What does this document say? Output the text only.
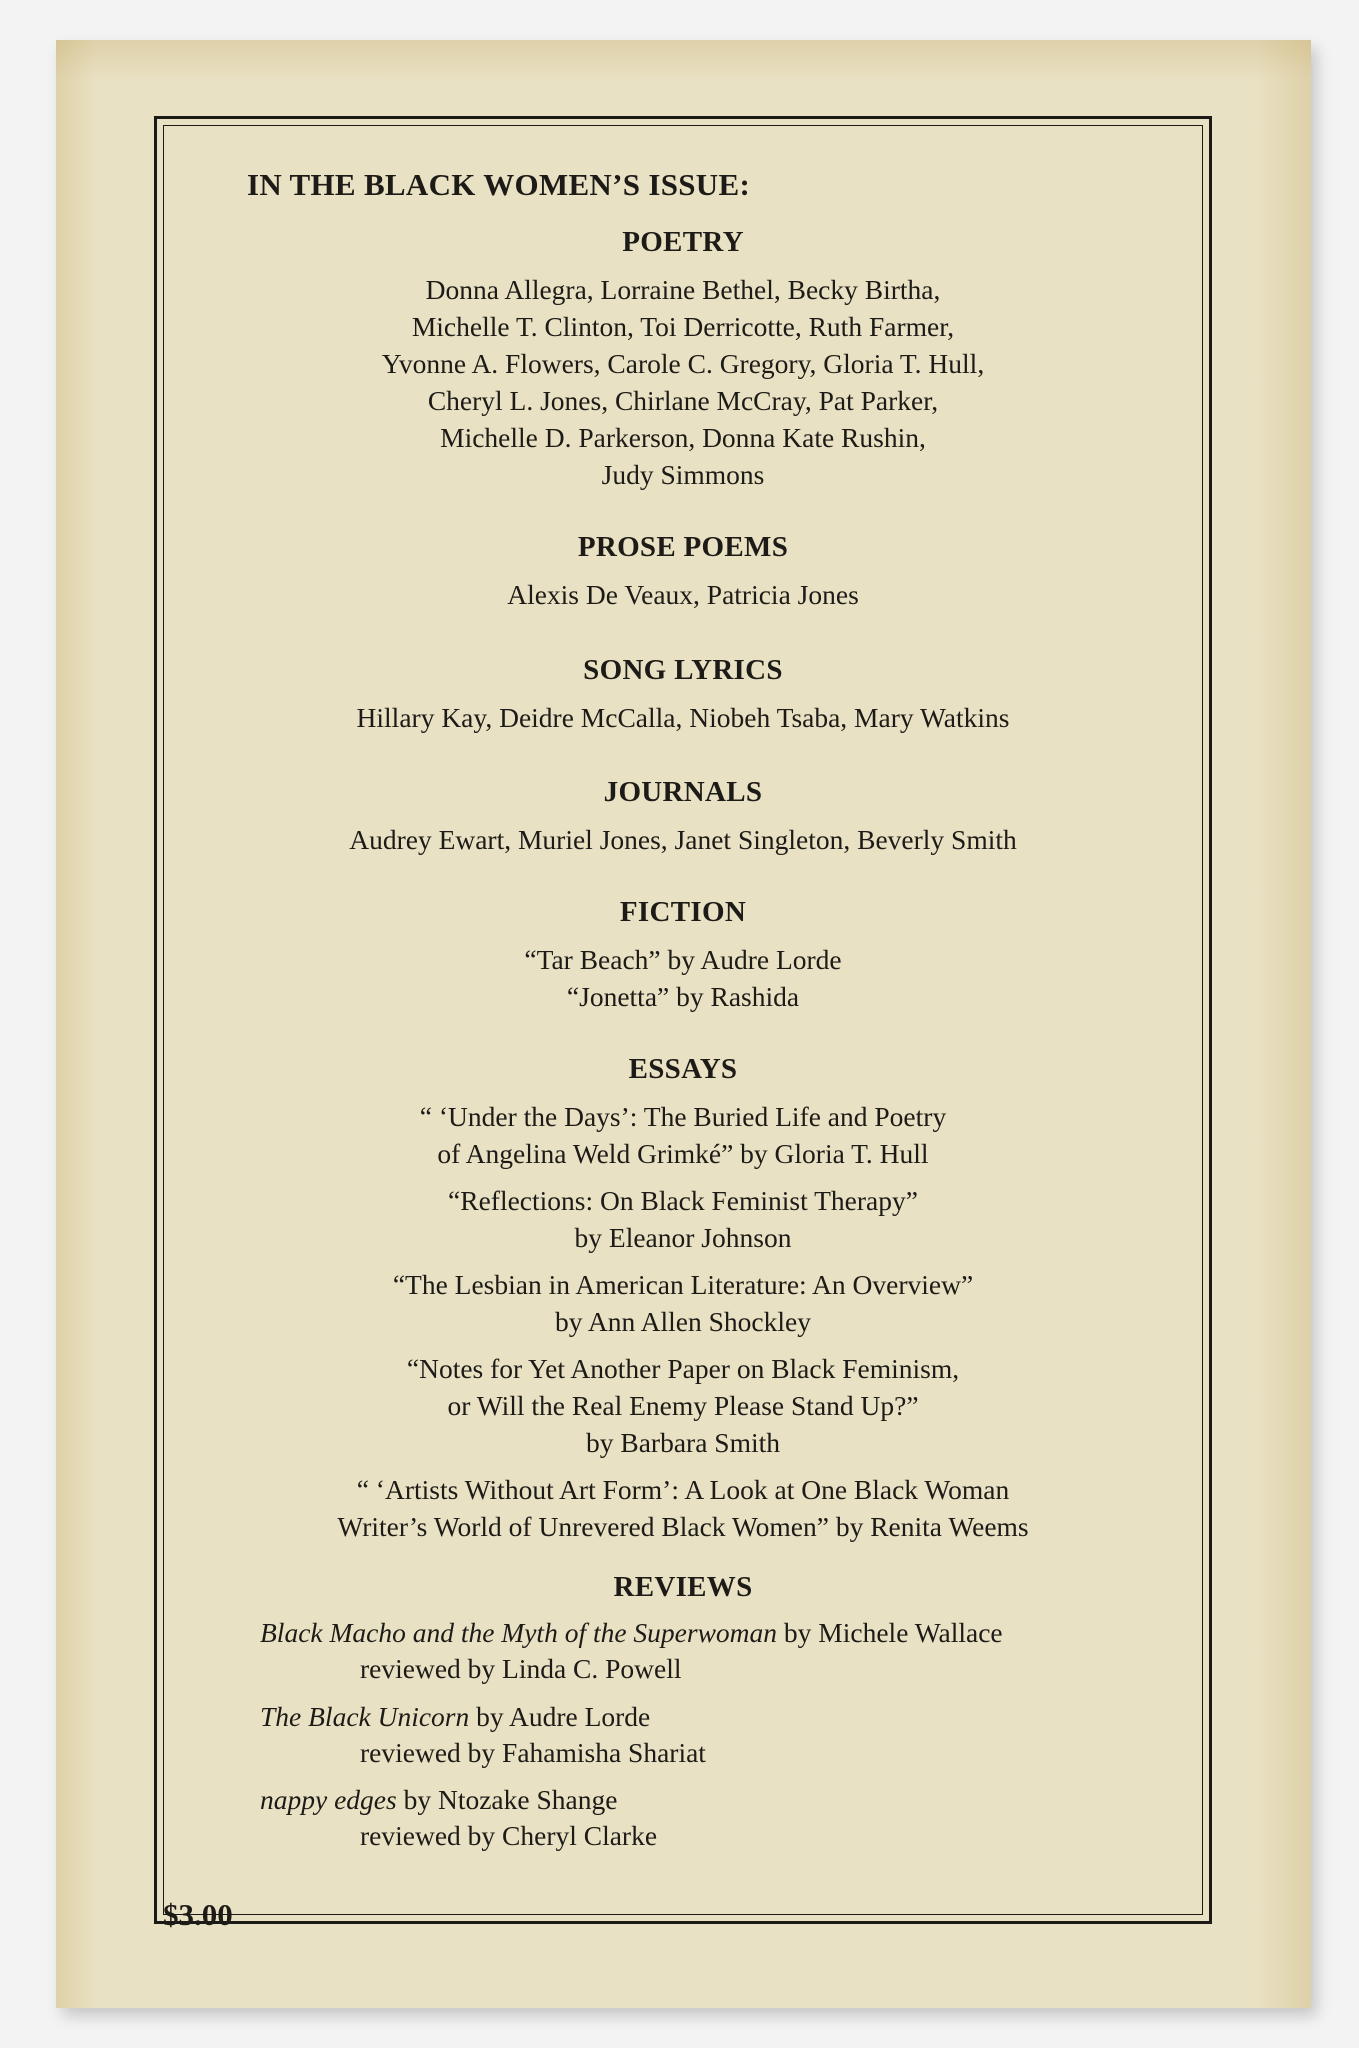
IN THE BLACK WOMEN’S ISSUE:
POETRY
Donna Allegra, Lorraine Bethel, Becky Birtha,
Michelle T. Clinton, Toi Derricotte, Ruth Farmer,
Yvonne A. Flowers, Carole C. Gregory, Gloria T. Hull,
Cheryl L. Jones, Chirlane McCray, Pat Parker,
Michelle D. Parkerson, Donna Kate Rushin,
Judy Simmons
PROSE POEMS
Alexis De Veaux, Patricia Jones
SONG LYRICS
Hillary Kay, Deidre McCalla, Niobeh Tsaba, Mary Watkins
JOURNALS
Audrey Ewart, Muriel Jones, Janet Singleton, Beverly Smith
FICTION
“Tar Beach” by Audre Lorde
“Jonetta” by Rashida
ESSAYS
“ ‘Under the Days’: The Buried Life and Poetry
of Angelina Weld Grimké” by Gloria T. Hull
“Reflections: On Black Feminist Therapy”
by Eleanor Johnson
“The Lesbian in American Literature: An Overview”
by Ann Allen Shockley
“Notes for Yet Another Paper on Black Feminism,
or Will the Real Enemy Please Stand Up?”
by Barbara Smith
“ ‘Artists Without Art Form’: A Look at One Black Woman
Writer’s World of Unrevered Black Women” by Renita Weems
REVIEWS
Black Macho and the Myth of the Superwoman by Michele Wallace
reviewed by Linda C. Powell
The Black Unicorn by Audre Lorde
reviewed by Fahamisha Shariat
nappy edges by Ntozake Shange
reviewed by Cheryl Clarke
$3.00
